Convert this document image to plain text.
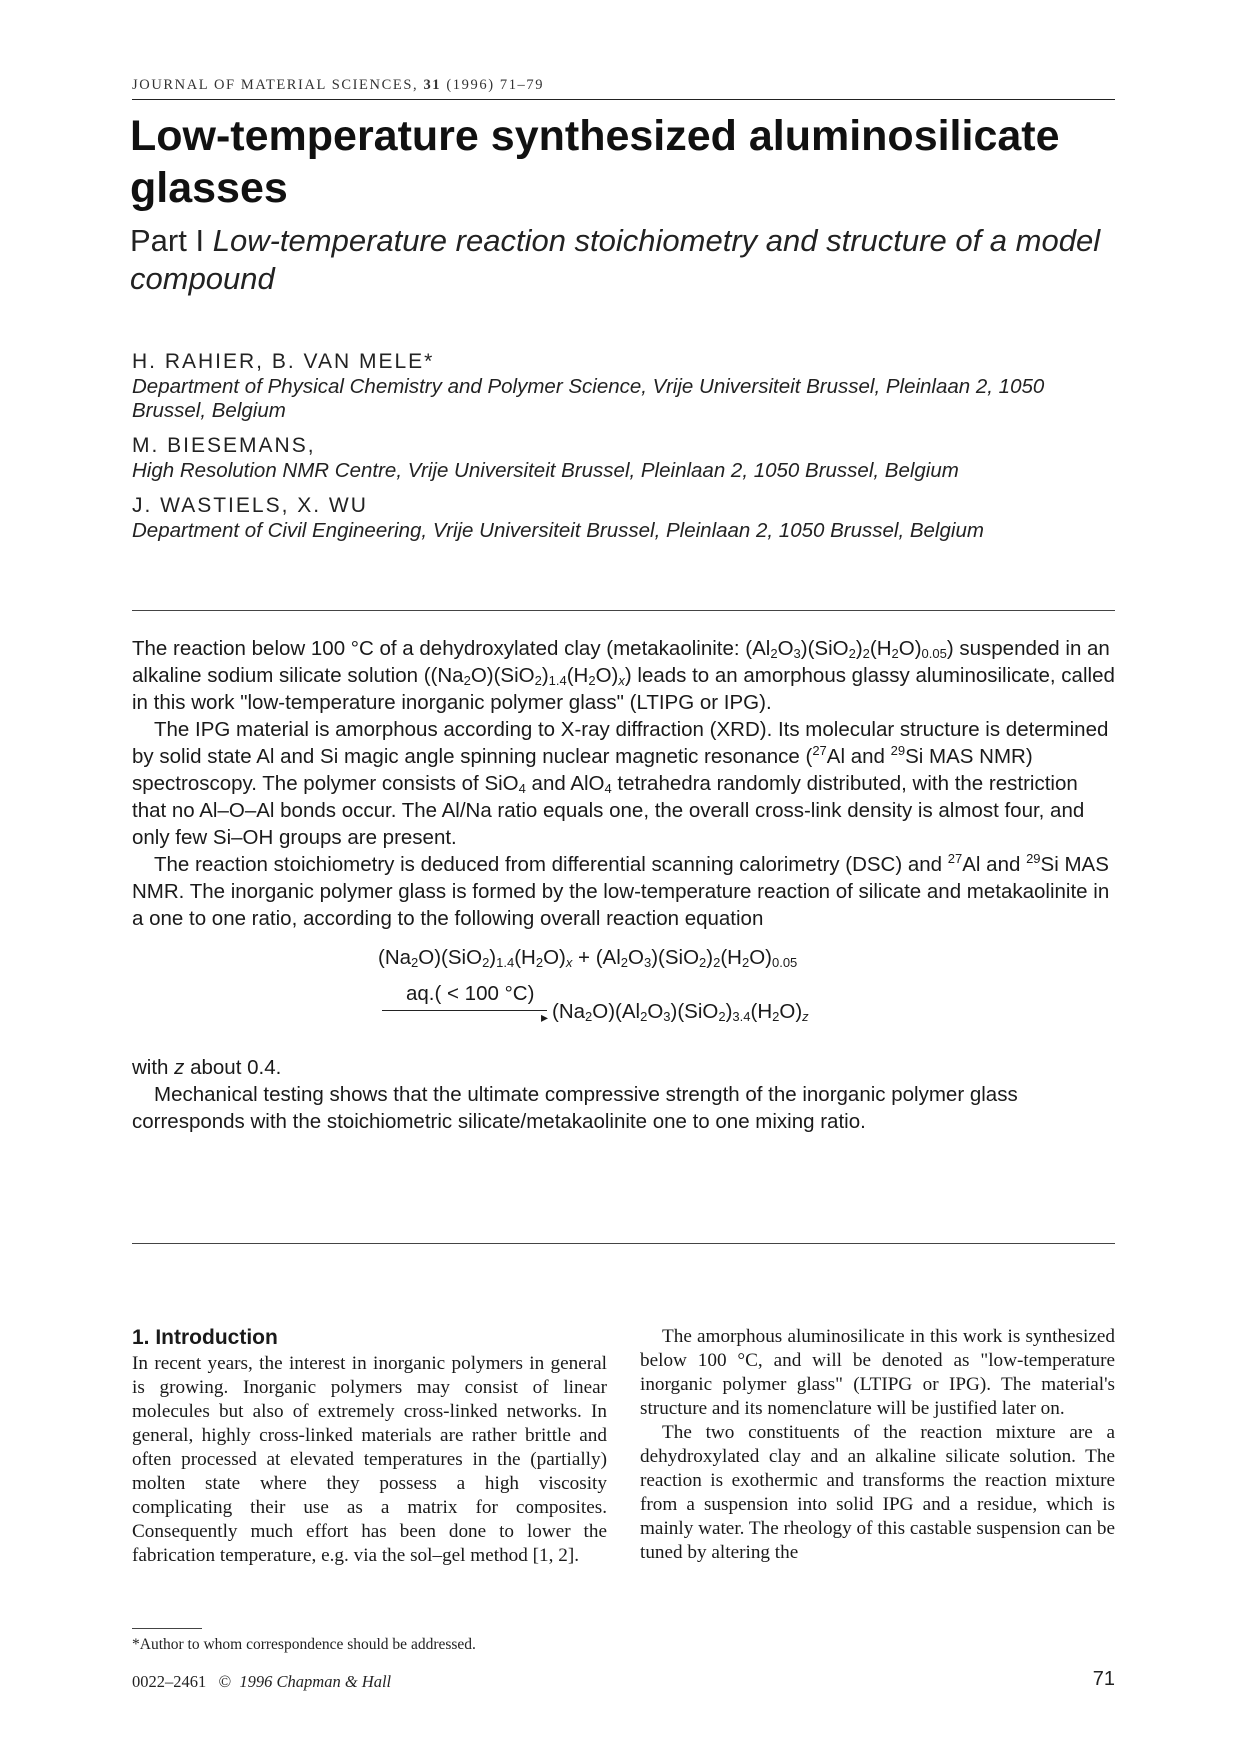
JOURNAL OF MATERIAL SCIENCES, 31 (1996) 71–79
Low-temperature synthesized aluminosilicate glasses
Part I Low-temperature reaction stoichiometry and structure of a model compound
H. RAHIER, B. VAN MELE*
Department of Physical Chemistry and Polymer Science, Vrije Universiteit Brussel, Pleinlaan 2, 1050 Brussel, Belgium
M. BIESEMANS,
High Resolution NMR Centre, Vrije Universiteit Brussel, Pleinlaan 2, 1050 Brussel, Belgium
J. WASTIELS, X. WU
Department of Civil Engineering, Vrije Universiteit Brussel, Pleinlaan 2, 1050 Brussel, Belgium

The reaction below 100 °C of a dehydroxylated clay (metakaolinite: $(Al_2O_3)(SiO_2)_2(H_2O)_{0.05}$) suspended in an alkaline sodium silicate solution $((Na_2O)(SiO_2)_{1.4}(H_2O)_x)$ leads to an amorphous glassy aluminosilicate, called in this work "low-temperature inorganic polymer glass" (LTIPG or IPG).

The IPG material is amorphous according to X-ray diffraction (XRD). Its molecular structure is determined by solid state Al and Si magic angle spinning nuclear magnetic resonance ($^{27}$Al and $^{29}$Si MAS NMR) spectroscopy. The polymer consists of SiO$_4$ and AlO$_4$ tetrahedra randomly distributed, with the restriction that no Al–O–Al bonds occur. The Al/Na ratio equals one, the overall cross-link density is almost four, and only few Si–OH groups are present.

The reaction stoichiometry is deduced from differential scanning calorimetry (DSC) and $^{27}$Al and $^{29}$Si MAS NMR. The inorganic polymer glass is formed by the low-temperature reaction of silicate and metakaolinite in a one to one ratio, according to the following overall reaction equation

$(Na_2O)(SiO_2)_{1.4}(H_2O)_x + (Al_2O_3)(SiO_2)_2(H_2O)_{0.05}$
aq.( < 100 °C)
▸ $(Na_2O)(Al_2O_3)(SiO_2)_{3.4}(H_2O)_z$

with z about 0.4.

Mechanical testing shows that the ultimate compressive strength of the inorganic polymer glass corresponds with the stoichiometric silicate/metakaolinite one to one mixing ratio.

1. Introduction

In recent years, the interest in inorganic polymers in general is growing. Inorganic polymers may consist of linear molecules but also of extremely cross-linked networks. In general, highly cross-linked materials are rather brittle and often processed at elevated temperatures in the (partially) molten state where they possess a high viscosity complicating their use as a matrix for composites. Consequently much effort has been done to lower the fabrication temperature, e.g. via the sol–gel method [1, 2].

The amorphous aluminosilicate in this work is synthesized below 100 °C, and will be denoted as "low-temperature inorganic polymer glass" (LTIPG or IPG). The material's structure and its nomenclature will be justified later on.

The two constituents of the reaction mixture are a dehydroxylated clay and an alkaline silicate solution. The reaction is exothermic and transforms the reaction mixture from a suspension into solid IPG and a residue, which is mainly water. The rheology of this castable suspension can be tuned by altering the

*Author to whom correspondence should be addressed.
0022–2461 © 1996 Chapman & Hall	71
